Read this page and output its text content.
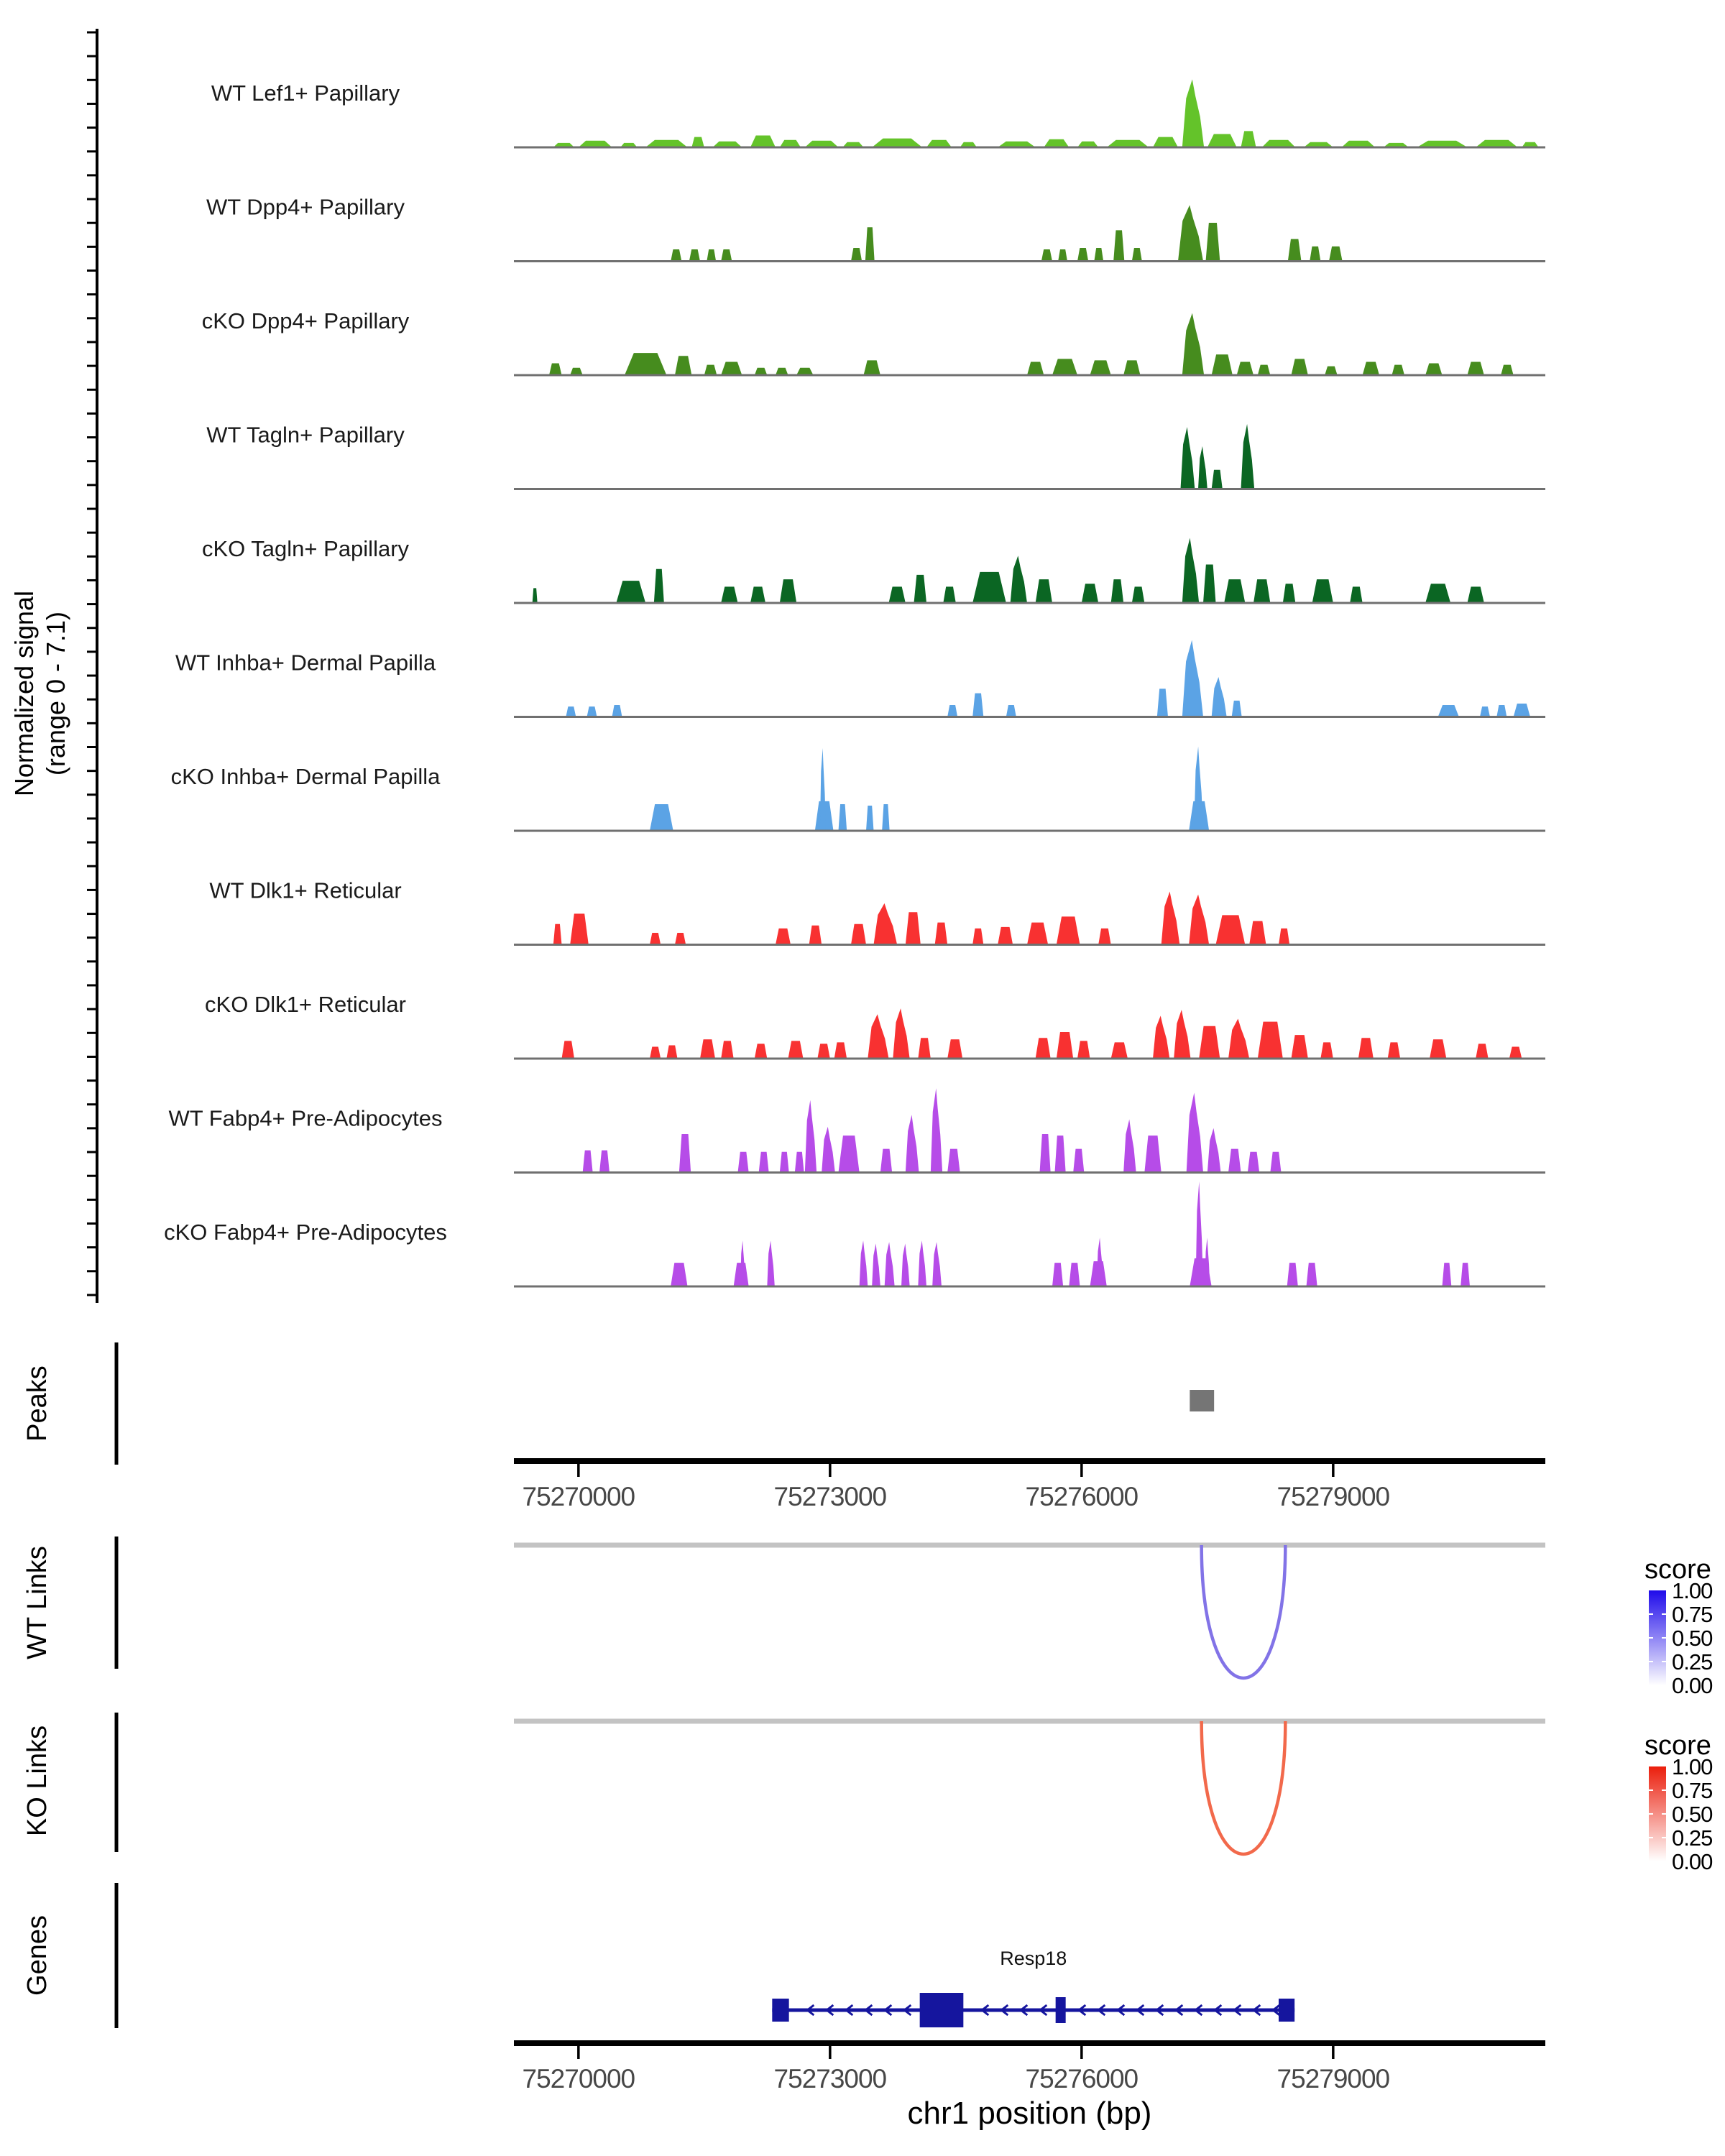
Normalized signal (range 0 - 7.1)
WT Lef1+ Papillary
WT Dpp4+ Papillary
cKO Dpp4+ Papillary
WT Tagln+ Papillary
cKO Tagln+ Papillary
WT Inhba+ Dermal Papilla
cKO Inhba+ Dermal Papilla
WT Dlk1+ Reticular
cKO Dlk1+ Reticular
WT Fabp4+ Pre-Adipocytes
cKO Fabp4+ Pre-Adipocytes
Peaks
75270000	75273000	75276000	75279000
WT Links	score
1.00
0.75
0.50
0.25
0.00
KO Links	score
1.00
0.75
0.50
0.25
0.00
Genes	Resp18
75270000	75273000	75276000	75279000
chr1 position (bp)
